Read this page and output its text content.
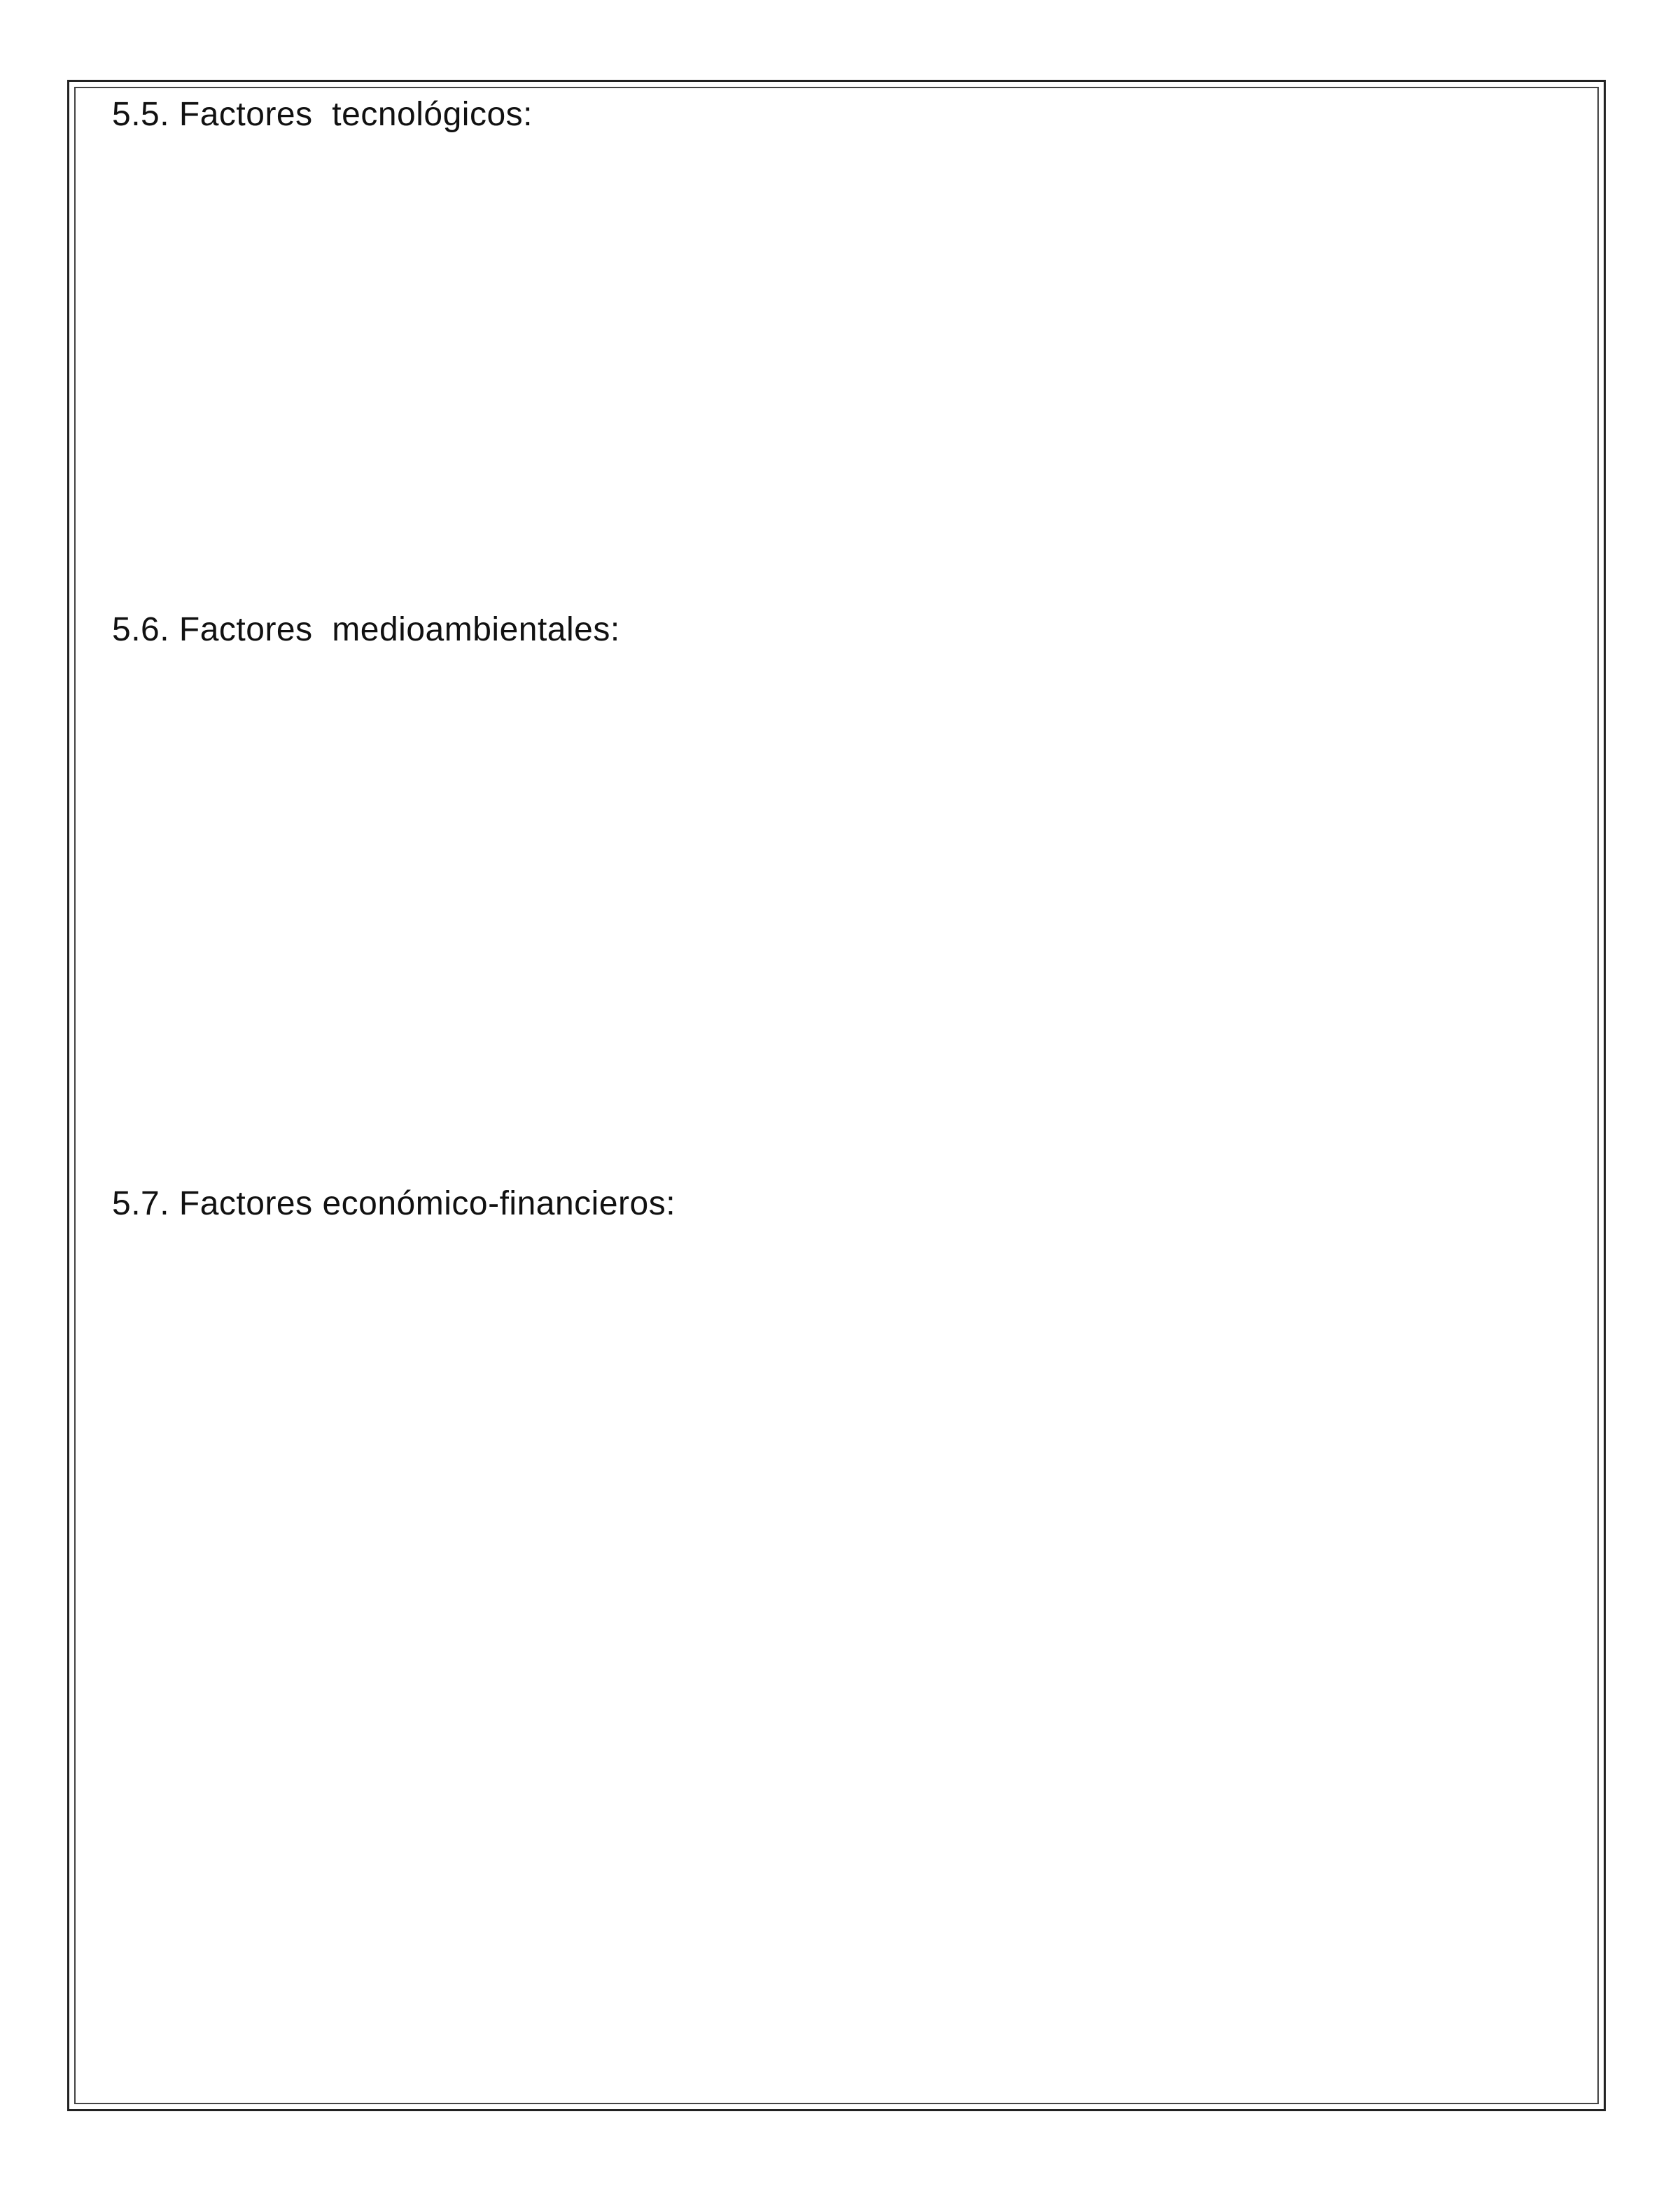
5.5. Factores  tecnológicos:
5.6. Factores  medioambientales:
5.7. Factores económico-financieros:
